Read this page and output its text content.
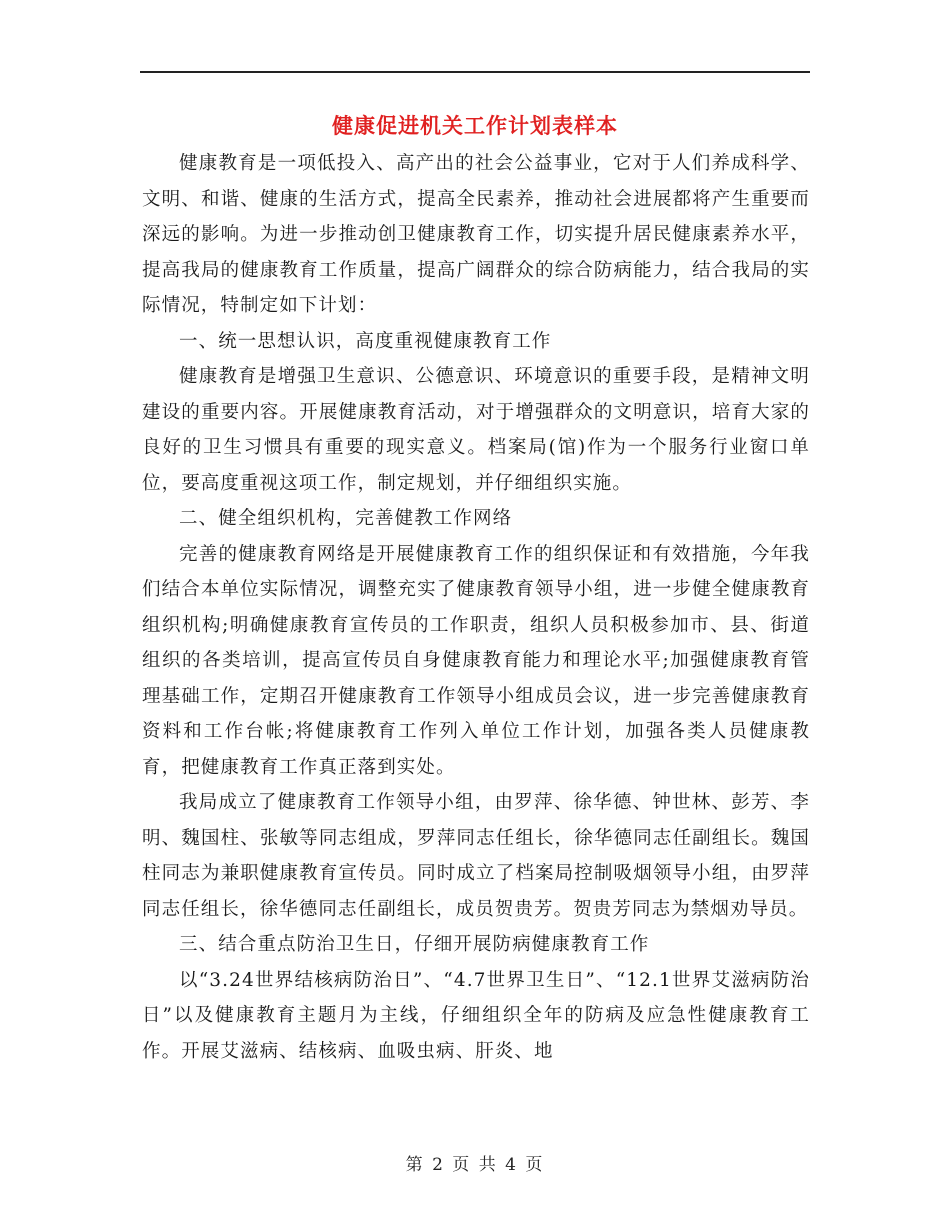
健康促进机关工作计划表样本

健康教育是一项低投入、高产出的社会公益事业，它对于人们养成科学、文明、和谐、健康的生活方式，提高全民素养，推动社会进展都将产生重要而深远的影响。为进一步推动创卫健康教育工作，切实提升居民健康素养水平，提高我局的健康教育工作质量，提高广阔群众的综合防病能力，结合我局的实际情况，特制定如下计划：

一、统一思想认识，高度重视健康教育工作

健康教育是增强卫生意识、公德意识、环境意识的重要手段，是精神文明建设的重要内容。开展健康教育活动，对于增强群众的文明意识，培育大家的良好的卫生习惯具有重要的现实意义。档案局(馆)作为一个服务行业窗口单位，要高度重视这项工作，制定规划，并仔细组织实施。

二、健全组织机构，完善健教工作网络

完善的健康教育网络是开展健康教育工作的组织保证和有效措施，今年我们结合本单位实际情况，调整充实了健康教育领导小组，进一步健全健康教育组织机构;明确健康教育宣传员的工作职责，组织人员积极参加市、县、街道组织的各类培训，提高宣传员自身健康教育能力和理论水平;加强健康教育管理基础工作，定期召开健康教育工作领导小组成员会议，进一步完善健康教育资料和工作台帐;将健康教育工作列入单位工作计划，加强各类人员健康教育，把健康教育工作真正落到实处。

我局成立了健康教育工作领导小组，由罗萍、徐华德、钟世林、彭芳、李明、魏国柱、张敏等同志组成，罗萍同志任组长，徐华德同志任副组长。魏国柱同志为兼职健康教育宣传员。同时成立了档案局控制吸烟领导小组，由罗萍同志任组长，徐华德同志任副组长，成员贺贵芳。贺贵芳同志为禁烟劝导员。

三、结合重点防治卫生日，仔细开展防病健康教育工作

以“3.24世界结核病防治日”、“4.7世界卫生日”、“12.1世界艾滋病防治日”以及健康教育主题月为主线，仔细组织全年的防病及应急性健康教育工作。开展艾滋病、结核病、血吸虫病、肝炎、地

第 2 页 共 4 页
